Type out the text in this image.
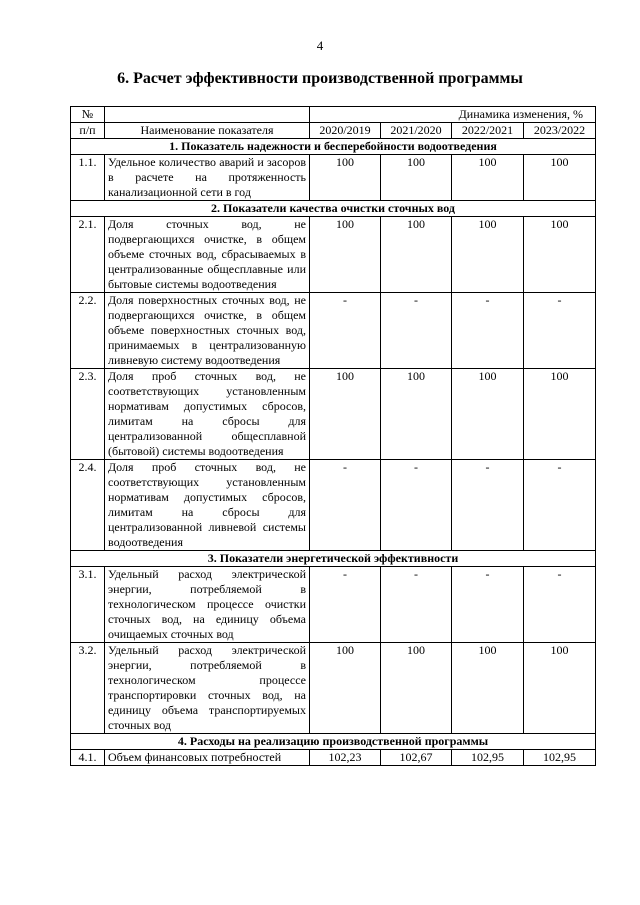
4
6. Расчет эффективности производственной программы
№		Динамика изменения, %			
п/п	Наименование показателя	2020/2019	2021/2020	2022/2021	2023/2022
1. Показатель надежности и бесперебойности водоотведения					
1.1.	Удельное количество аварий и засоров в расчете на протяженность канализационной сети в год	100	100	100	100
2. Показатели качества очистки сточных вод					
2.1.	Доля сточных вод, не подвергающихся очистке, в общем объеме сточных вод, сбрасываемых в централизованные общесплавные или бытовые системы водоотведения	100	100	100	100
2.2.	Доля поверхностных сточных вод, не подвергающихся очистке, в общем объеме поверхностных сточных вод, принимаемых в централизованную ливневую систему водоотведения	-	-	-	-
2.3.	Доля проб сточных вод, не соответствующих установленным нормативам допустимых сбросов, лимитам на сбросы для централизованной общесплавной (бытовой) системы водоотведения	100	100	100	100
2.4.	Доля проб сточных вод, не соответствующих установленным нормативам допустимых сбросов, лимитам на сбросы для централизованной ливневой системы водоотведения	-	-	-	-
3. Показатели энергетической эффективности					
3.1.	Удельный расход электрической энергии, потребляемой в технологическом процессе очистки сточных вод, на единицу объема очищаемых сточных вод	-	-	-	-
3.2.	Удельный расход электрической энергии, потребляемой в технологическом процессе транспортировки сточных вод, на единицу объема транспортируемых сточных вод	100	100	100	100
4. Расходы на реализацию производственной программы					
4.1.	Объем финансовых потребностей	102,23	102,67	102,95	102,95
